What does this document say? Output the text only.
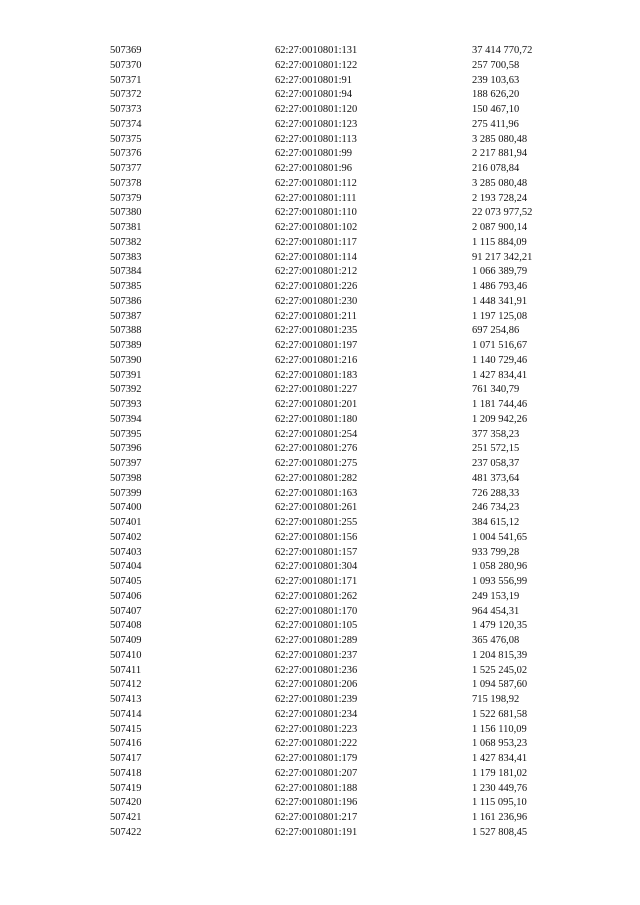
507369	62:27:0010801:131	37 414 770,72
507370	62:27:0010801:122	257 700,58
507371	62:27:0010801:91	239 103,63
507372	62:27:0010801:94	188 626,20
507373	62:27:0010801:120	150 467,10
507374	62:27:0010801:123	275 411,96
507375	62:27:0010801:113	3 285 080,48
507376	62:27:0010801:99	2 217 881,94
507377	62:27:0010801:96	216 078,84
507378	62:27:0010801:112	3 285 080,48
507379	62:27:0010801:111	2 193 728,24
507380	62:27:0010801:110	22 073 977,52
507381	62:27:0010801:102	2 087 900,14
507382	62:27:0010801:117	1 115 884,09
507383	62:27:0010801:114	91 217 342,21
507384	62:27:0010801:212	1 066 389,79
507385	62:27:0010801:226	1 486 793,46
507386	62:27:0010801:230	1 448 341,91
507387	62:27:0010801:211	1 197 125,08
507388	62:27:0010801:235	697 254,86
507389	62:27:0010801:197	1 071 516,67
507390	62:27:0010801:216	1 140 729,46
507391	62:27:0010801:183	1 427 834,41
507392	62:27:0010801:227	761 340,79
507393	62:27:0010801:201	1 181 744,46
507394	62:27:0010801:180	1 209 942,26
507395	62:27:0010801:254	377 358,23
507396	62:27:0010801:276	251 572,15
507397	62:27:0010801:275	237 058,37
507398	62:27:0010801:282	481 373,64
507399	62:27:0010801:163	726 288,33
507400	62:27:0010801:261	246 734,23
507401	62:27:0010801:255	384 615,12
507402	62:27:0010801:156	1 004 541,65
507403	62:27:0010801:157	933 799,28
507404	62:27:0010801:304	1 058 280,96
507405	62:27:0010801:171	1 093 556,99
507406	62:27:0010801:262	249 153,19
507407	62:27:0010801:170	964 454,31
507408	62:27:0010801:105	1 479 120,35
507409	62:27:0010801:289	365 476,08
507410	62:27:0010801:237	1 204 815,39
507411	62:27:0010801:236	1 525 245,02
507412	62:27:0010801:206	1 094 587,60
507413	62:27:0010801:239	715 198,92
507414	62:27:0010801:234	1 522 681,58
507415	62:27:0010801:223	1 156 110,09
507416	62:27:0010801:222	1 068 953,23
507417	62:27:0010801:179	1 427 834,41
507418	62:27:0010801:207	1 179 181,02
507419	62:27:0010801:188	1 230 449,76
507420	62:27:0010801:196	1 115 095,10
507421	62:27:0010801:217	1 161 236,96
507422	62:27:0010801:191	1 527 808,45
